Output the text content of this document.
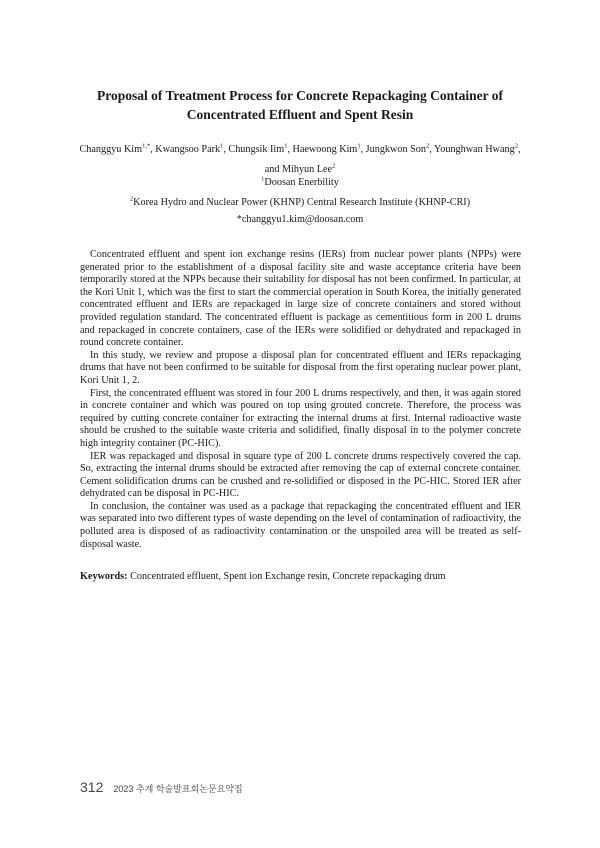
Proposal of Treatment Process for Concrete Repackaging Container of
Concentrated Effluent and Spent Resin
Changgyu Kim$^{1,*}$, Kwangsoo Park$^1$, Chungsik Iim$^1$, Haewoong Kim$^1$, Jungkwon Son$^2$, Younghwan Hwang$^2$,
and Mihyun Lee$^2$
$^1$Doosan Enerbility
$^2$Korea Hydro and Nuclear Power (KHNP) Central Research Institute (KHNP-CRI)
*changgyu1.kim@doosan.com

Concentrated effluent and spent ion exchange resins (IERs) from nuclear power plants (NPPs) were generated prior to the establishment of a disposal facility site and waste acceptance criteria have been temporarily stored at the NPPs because their suitability for disposal has not been confirmed. In particular, at the Kori Unit 1, which was the first to start the commercial operation in South Korea, the initially generated concentrated effluent and IERs are repackaged in large size of concrete containers and stored without provided regulation standard. The concentrated effluent is package as cementitious form in 200 L drums and repackaged in concrete containers, case of the IERs were solidified or dehydrated and repackaged in round concrete container.

In this study, we review and propose a disposal plan for concentrated effluent and IERs repackaging drums that have not been confirmed to be suitable for disposal from the first operating nuclear power plant, Kori Unit 1, 2.

First, the concentrated effluent was stored in four 200 L drums respectively, and then, it was again stored in concrete container and which was poured on top using grouted concrete. Therefore, the process was required by cutting concrete container for extracting the internal drums at first. Internal radioactive waste should be crushed to the suitable waste criteria and solidified, finally disposal in to the polymer concrete high integrity container (PC-HIC).

IER was repackaged and disposal in square type of 200 L concrete drums respectively covered the cap. So, extracting the internal drums should be extracted after removing the cap of external concrete container. Cement solidification drums can be crushed and re-solidified or disposed in the PC-HIC. Stored IER after dehydrated can be disposal in PC-HIC.

In conclusion, the container was used as a package that repackaging the concentrated effluent and IER was separated into two different types of waste depending on the level of contamination of radioactivity, the polluted area is disposed of as radioactivity contamination or the unspoiled area will be treated as self-disposal waste.

Keywords: Concentrated effluent, Spent ion Exchange resin, Concrete repackaging drum
312 2023 추계 학술발표회논문요약집
